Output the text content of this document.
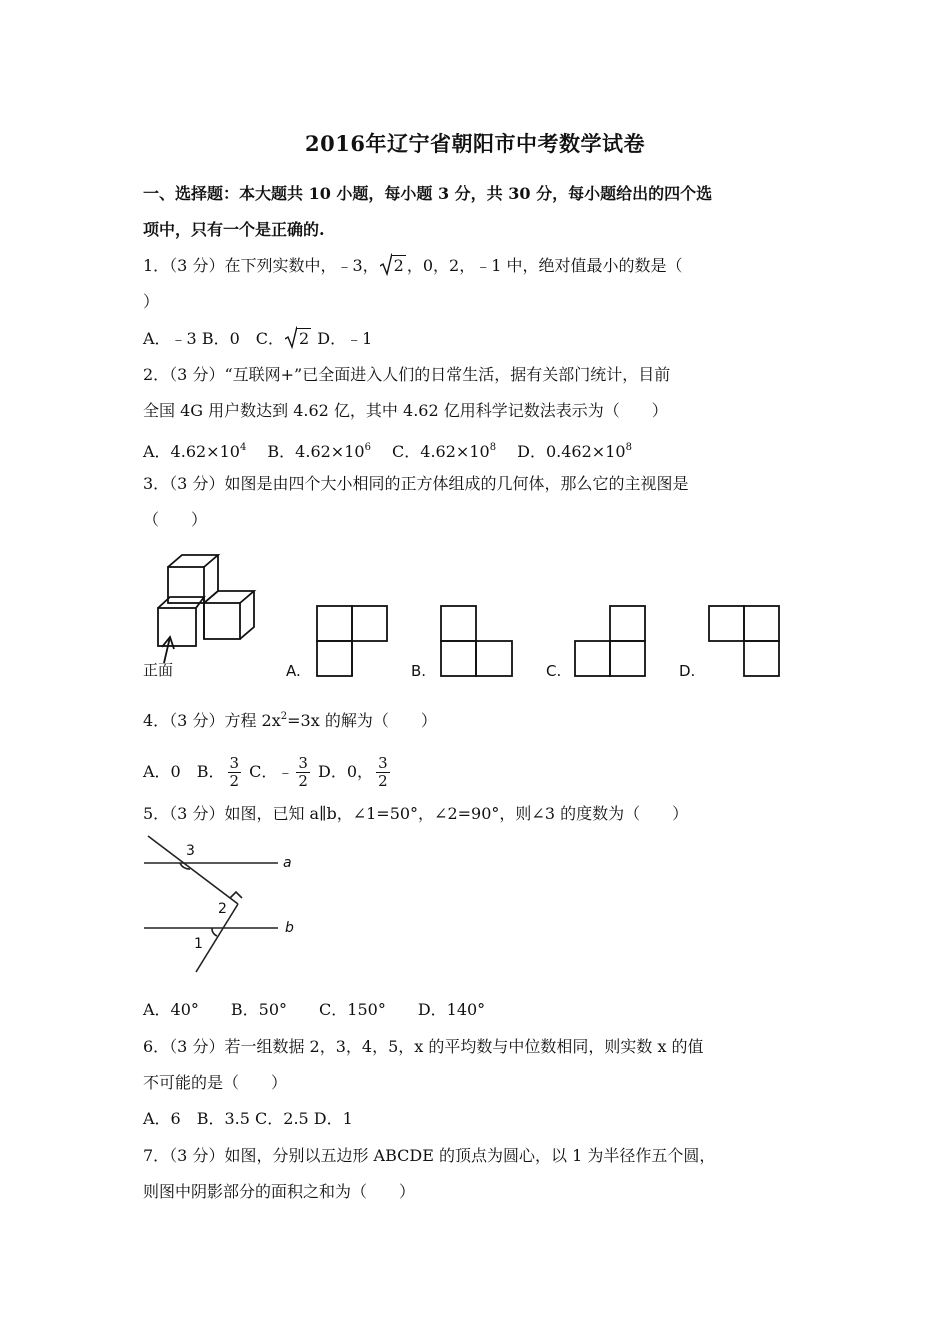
2016年辽宁省朝阳市中考数学试卷
一、选择题：本大题共 10 小题，每小题 3 分，共 30 分，每小题给出的四个选
项中，只有一个是正确的.
1．（3 分）在下列实数中，﹣3， 2 ，0，2，﹣1 中，绝对值最小的数是（
）
A．﹣3 B．0　C． 2 D．﹣1
2．（3 分）“互联网+”已全面进入人们的日常生活，据有关部门统计，目前
全国 4G 用户数达到 4.62 亿，其中 4.62 亿用科学记数法表示为（　　）
A．$4.62\times 10^4$　 B．$4.62\times 10^6$　 C．$4.62\times 10^8$　 D．$0.462\times 10^8$
3．（3 分）如图是由四个大小相同的正方体组成的几何体，那么它的主视图是
（　　）
正面	A.	B.	C.	D.
4．（3 分）方程 $2x^2=3x$ 的解为（　　）
A．0　B． $\frac{3}{2}$ C．﹣ $\frac{3}{2}$ D．0， $\frac{3}{2}$
5．（3 分）如图，已知 a∥b，∠1=50°，∠2=90°，则∠3 的度数为（　　）
3
a
2
b
1
A．40°　　B．50°　　C．150°　　D．140°
6．（3 分）若一组数据 2，3，4，5，x 的平均数与中位数相同，则实数 x 的值
不可能的是（　　）
A．6　B．3.5 C．2.5 D．1
7．（3 分）如图，分别以五边形 ABCDE 的顶点为圆心，以 1 为半径作五个圆，
则图中阴影部分的面积之和为（　　）
